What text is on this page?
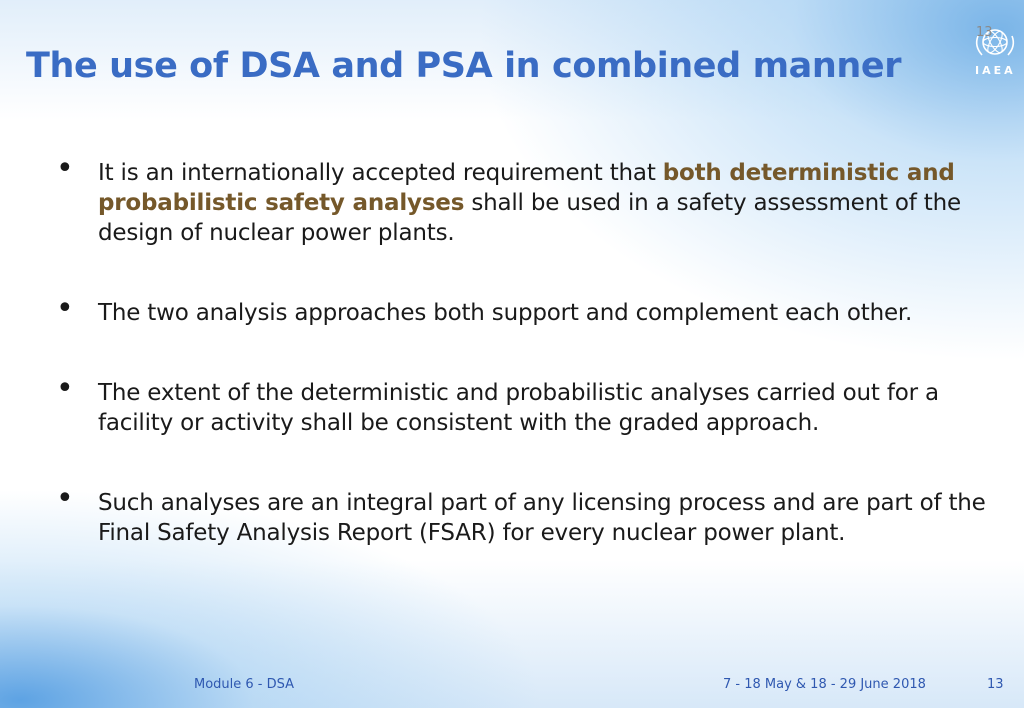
The use of DSA and PSA in combined manner	IAEA
13
• It is an internationally accepted requirement that both deterministic and probabilistic safety analyses shall be used in a safety assessment of the design of nuclear power plants.
• The two analysis approaches both support and complement each other.
• The extent of the deterministic and probabilistic analyses carried out for a facility or activity shall be consistent with the graded approach.
• Such analyses are an integral part of any licensing process and are part of the Final Safety Analysis Report (FSAR) for every nuclear power plant.
Module 6 - DSA	7 - 18 May & 18 - 29 June 2018	13
